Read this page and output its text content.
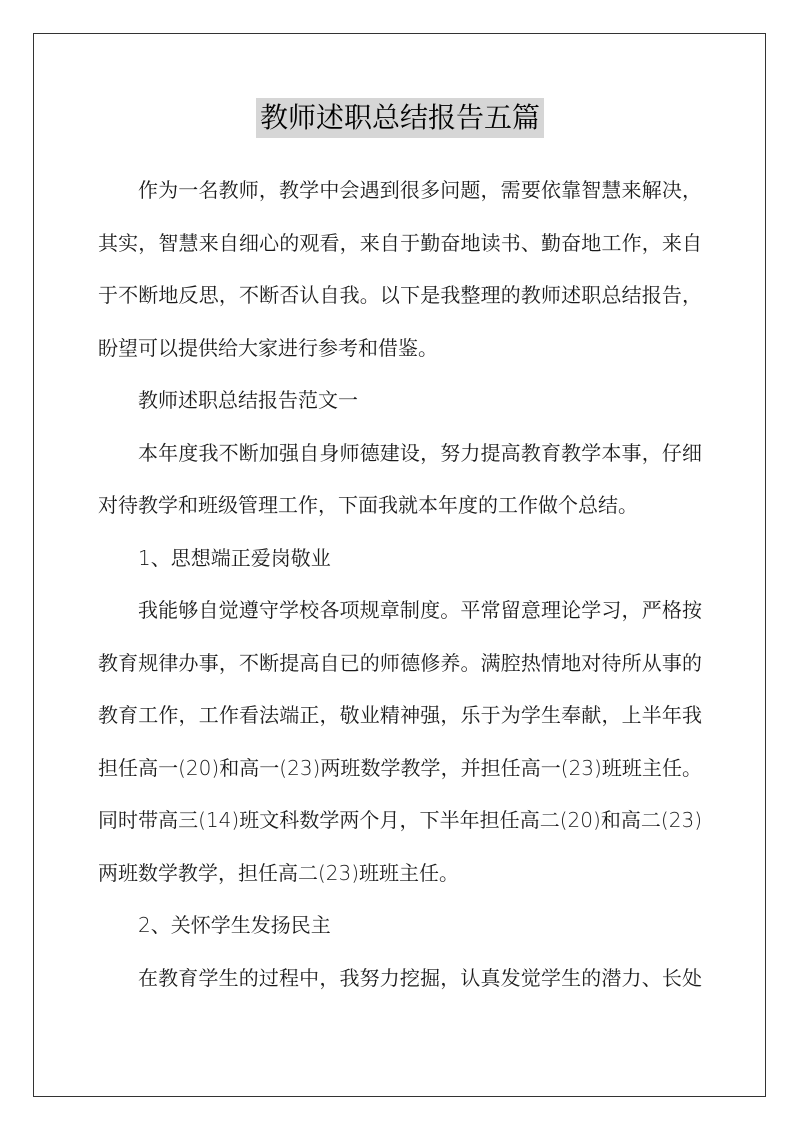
教师述职总结报告五篇
作为一名教师，教学中会遇到很多问题，需要依靠智慧来解决，
其实，智慧来自细心的观看，来自于勤奋地读书、勤奋地工作，来自
于不断地反思，不断否认自我。以下是我整理的教师述职总结报告，
盼望可以提供给大家进行参考和借鉴。
教师述职总结报告范文一
本年度我不断加强自身师德建设，努力提高教育教学本事，仔细
对待教学和班级管理工作，下面我就本年度的工作做个总结。
1、思想端正爱岗敬业
我能够自觉遵守学校各项规章制度。平常留意理论学习，严格按
教育规律办事，不断提高自已的师德修养。满腔热情地对待所从事的
教育工作，工作看法端正，敬业精神强，乐于为学生奉献，上半年我
担任高一(20)和高一(23)两班数学教学，并担任高一(23)班班主任。
同时带高三(14)班文科数学两个月，下半年担任高二(20)和高二(23)
两班数学教学，担任高二(23)班班主任。
2、关怀学生发扬民主
在教育学生的过程中，我努力挖掘，认真发觉学生的潜力、长处
